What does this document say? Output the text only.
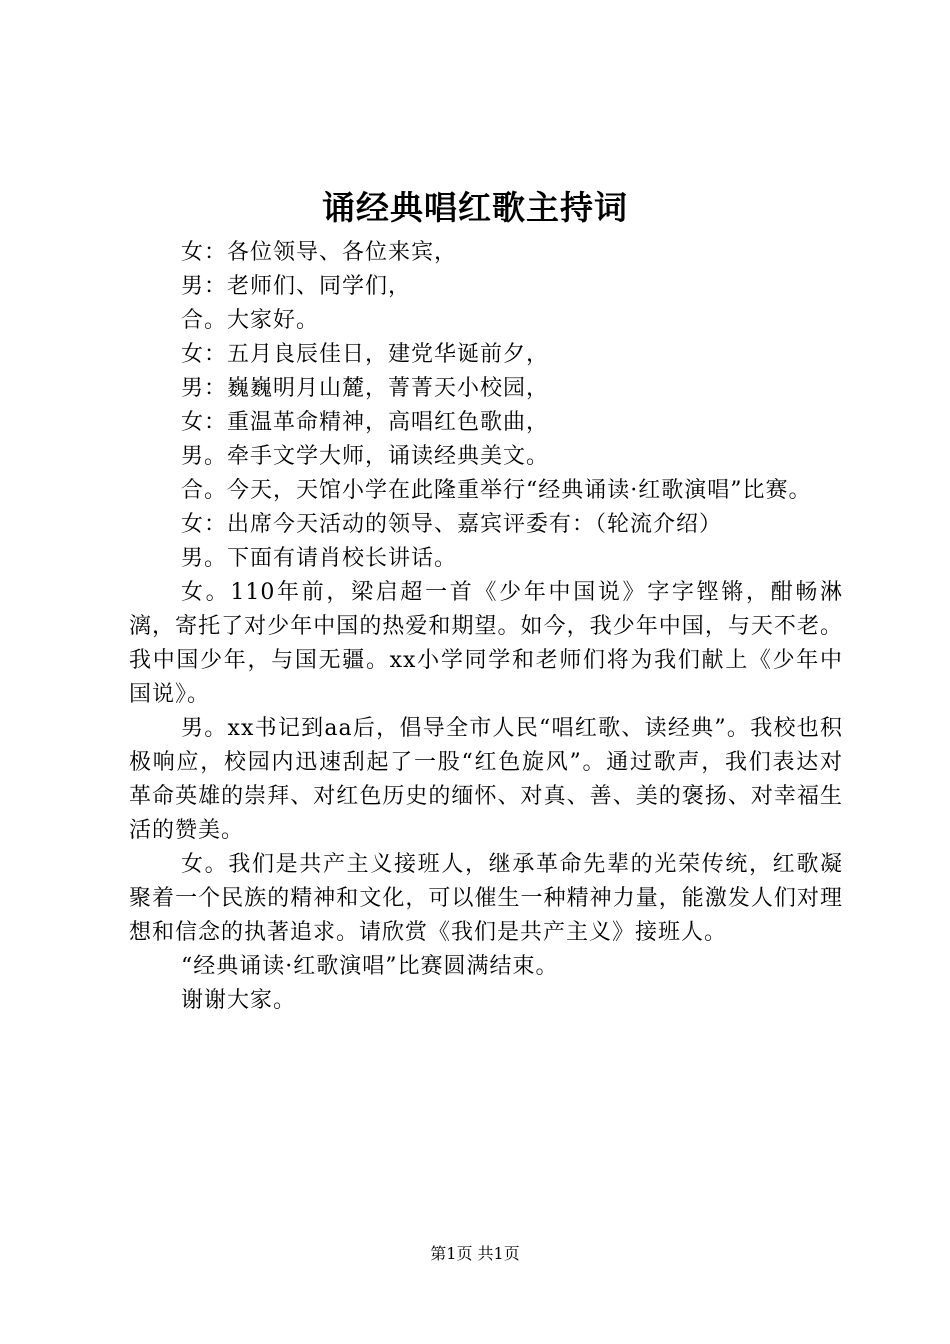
诵经典唱红歌主持词

女：各位领导、各位来宾，

男：老师们、同学们，

合。大家好。

女：五月良辰佳日，建党华诞前夕，

男：巍巍明月山麓，菁菁天小校园，

女：重温革命精神，高唱红色歌曲，

男。牵手文学大师，诵读经典美文。

合。今天，天馆小学在此隆重举行“经典诵读·红歌演唱”比赛。

女：出席今天活动的领导、嘉宾评委有：（轮流介绍）

男。下面有请肖校长讲话。

女。110年前，梁启超一首《少年中国说》字字铿锵，酣畅淋漓，寄托了对少年中国的热爱和期望。如今，我少年中国，与天不老。我中国少年，与国无疆。xx小学同学和老师们将为我们献上《少年中国说》。

男。xx书记到aa后，倡导全市人民“唱红歌、读经典”。我校也积极响应，校园内迅速刮起了一股“红色旋风”。通过歌声，我们表达对革命英雄的崇拜、对红色历史的缅怀、对真、善、美的褒扬、对幸福生活的赞美。

女。我们是共产主义接班人，继承革命先辈的光荣传统，红歌凝聚着一个民族的精神和文化，可以催生一种精神力量，能激发人们对理想和信念的执著追求。请欣赏《我们是共产主义》接班人。

“经典诵读·红歌演唱”比赛圆满结束。

谢谢大家。

第1页 共1页
